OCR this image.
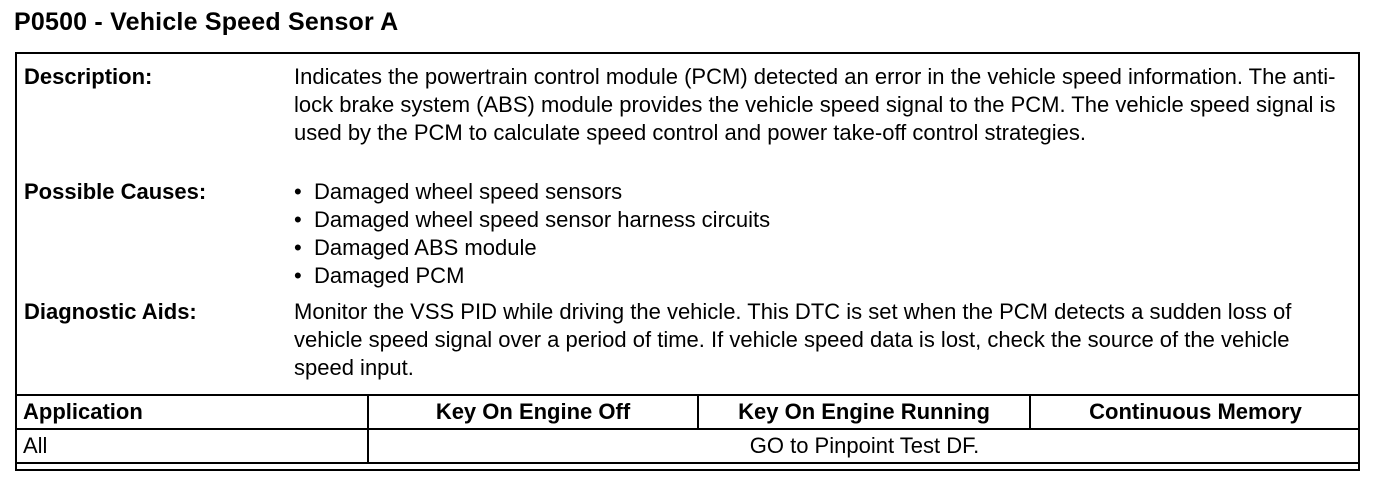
P0500 - Vehicle Speed Sensor A
Description:	Indicates the powertrain control module (PCM) detected an error in the vehicle speed information. The anti-lock brake system (ABS) module provides the vehicle speed signal to the PCM. The vehicle speed signal is used by the PCM to calculate speed control and power take-off control strategies.
Possible Causes:	• Damaged wheel speed sensors
• Damaged wheel speed sensor harness circuits
• Damaged ABS module
• Damaged PCM
Diagnostic Aids:	Monitor the VSS PID while driving the vehicle. This DTC is set when the PCM detects a sudden loss of vehicle speed signal over a period of time. If vehicle speed data is lost, check the source of the vehicle speed input.
Application	Key On Engine Off	Key On Engine Running	Continuous Memory
All	GO to Pinpoint Test DF.		
